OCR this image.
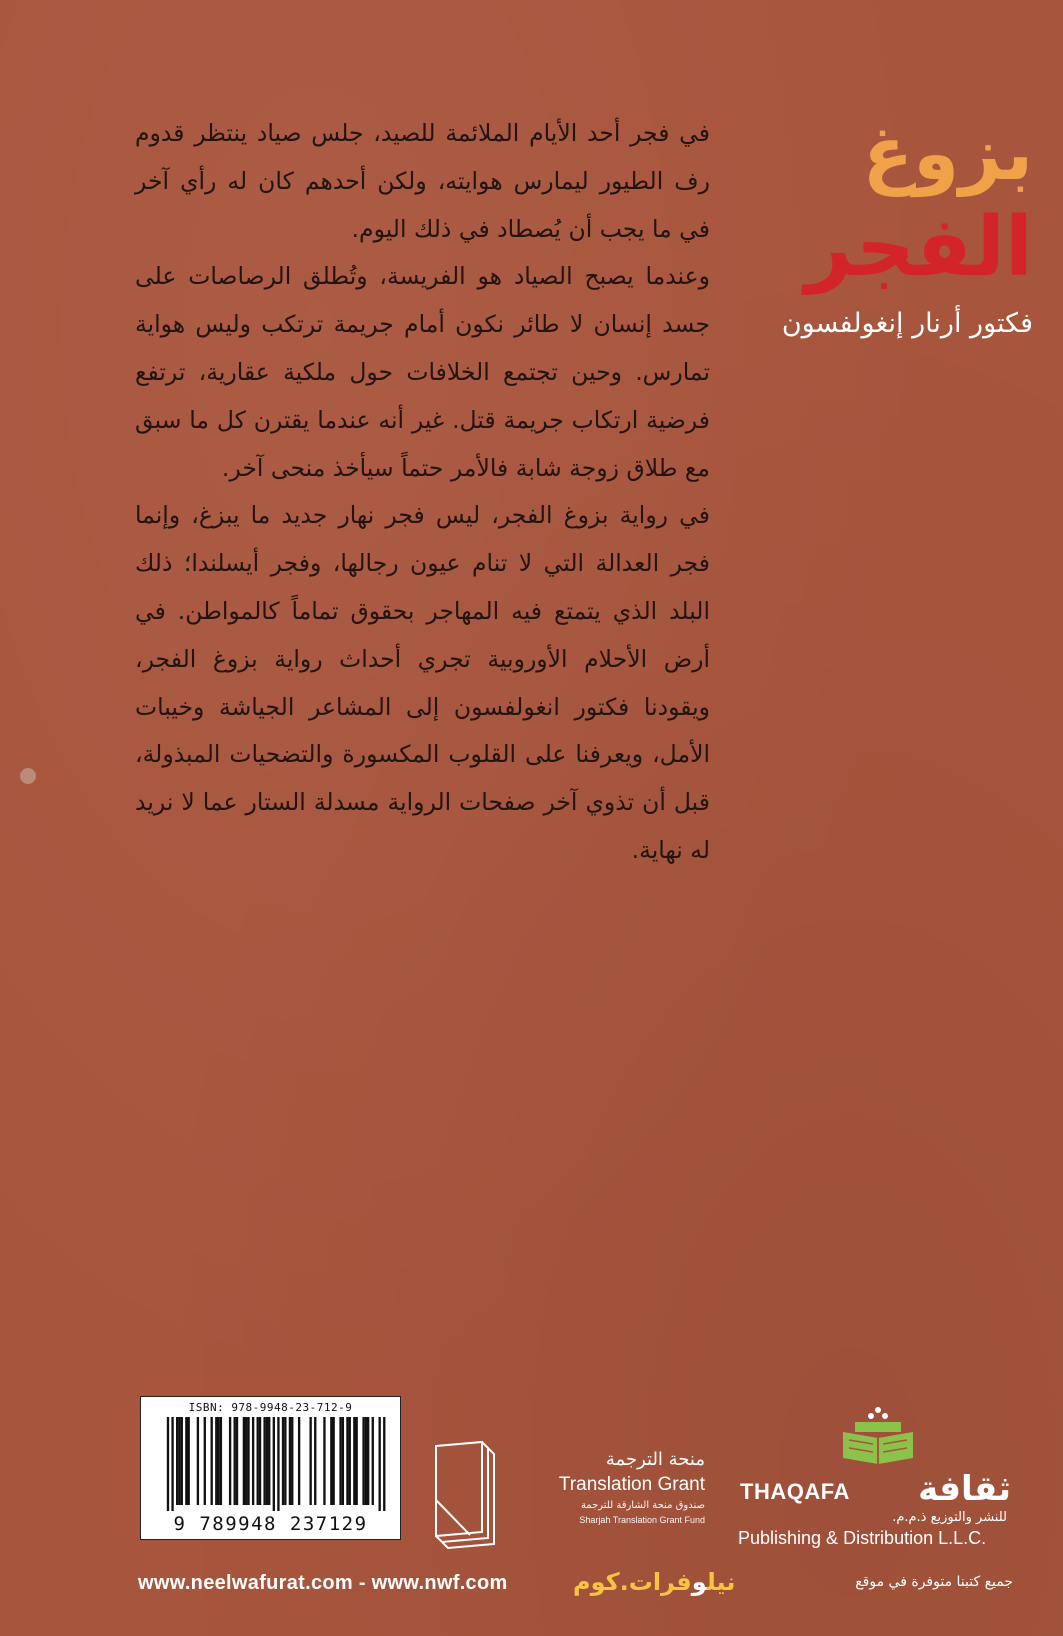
بزوغ
الفجر
فكتور أرنار إنغولفسون

في فجر أحد الأيام الملائمة للصيد، جلس صياد ينتظر قدوم رف الطيور ليمارس هوايته، ولكن أحدهم كان له رأي آخر في ما يجب أن يُصطاد في ذلك اليوم.

وعندما يصبح الصياد هو الفريسة، وتُطلق الرصاصات على جسد إنسان لا طائر نكون أمام جريمة ترتكب وليس هواية تمارس. وحين تجتمع الخلافات حول ملكية عقارية، ترتفع فرضية ارتكاب جريمة قتل. غير أنه عندما يقترن كل ما سبق مع طلاق زوجة شابة فالأمر حتماً سيأخذ منحى آخر.

في رواية بزوغ الفجر، ليس فجر نهار جديد ما يبزغ، وإنما فجر العدالة التي لا تنام عيون رجالها، وفجر أيسلندا؛ ذلك البلد الذي يتمتع فيه المهاجر بحقوق تماماً كالمواطن. في أرض الأحلام الأوروبية تجري أحداث رواية بزوغ الفجر، ويقودنا فكتور انغولفسون إلى المشاعر الجياشة وخيبات الأمل، ويعرفنا على القلوب المكسورة والتضحيات المبذولة، قبل أن تذوي آخر صفحات الرواية مسدلة الستار عما لا نريد له نهاية.

ISBN: 978-9948-23-712-9
9 789948 237129
منحة الترجمة
Translation Grant
صندوق منحة الشارقة للترجمة
Sharjah Translation Grant Fund
THAQAFA ثقافة
للنشر والتوزيع ذ.م.م.
Publishing & Distribution L.L.C.
www.neelwafurat.com - www.nwf.com	نيلوفرات.كوم	جميع كتبنا متوفرة في موقع
